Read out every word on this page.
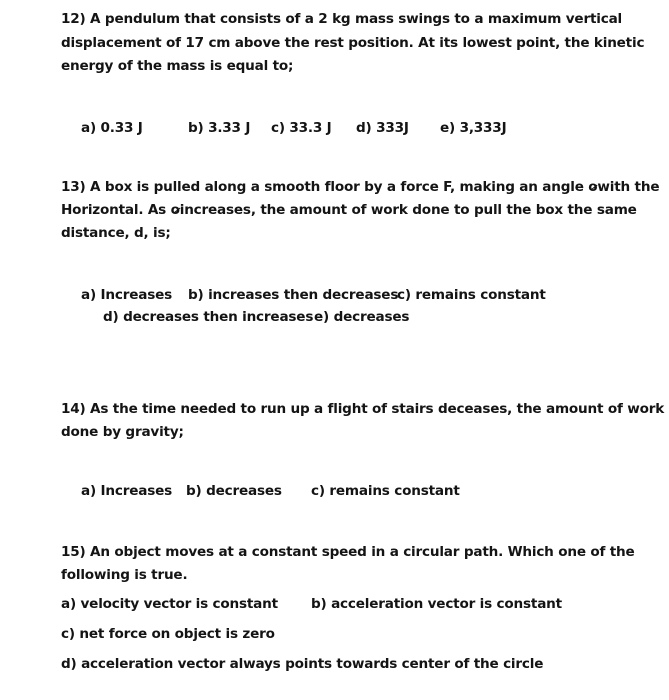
12) A pendulum that consists of a 2 kg mass swings to a maximum vertical
displacement of 17 cm above the rest position. At its lowest point, the kinetic
energy of the mass is equal to;
a) 0.33 J	b) 3.33 J c) 33.3 J d) 333J e) 3,333J
13) A box is pulled along a smooth floor by a force F, making an angle owith the
Horizontal. As oincreases, the amount of work done to pull the box the same
distance, d, is;
a) Increases b) increases then decreases
c) remains constant
d) decreases then increases e) decreases
14) As the time needed to run up a flight of stairs deceases, the amount of work
done by gravity;
a) Increases b) decreases c) remains constant
15) An object moves at a constant speed in a circular path. Which one of the
following is true.
a) velocity vector is constant b) acceleration vector is constant
c) net force on object is zero
d) acceleration vector always points towards center of the circle
